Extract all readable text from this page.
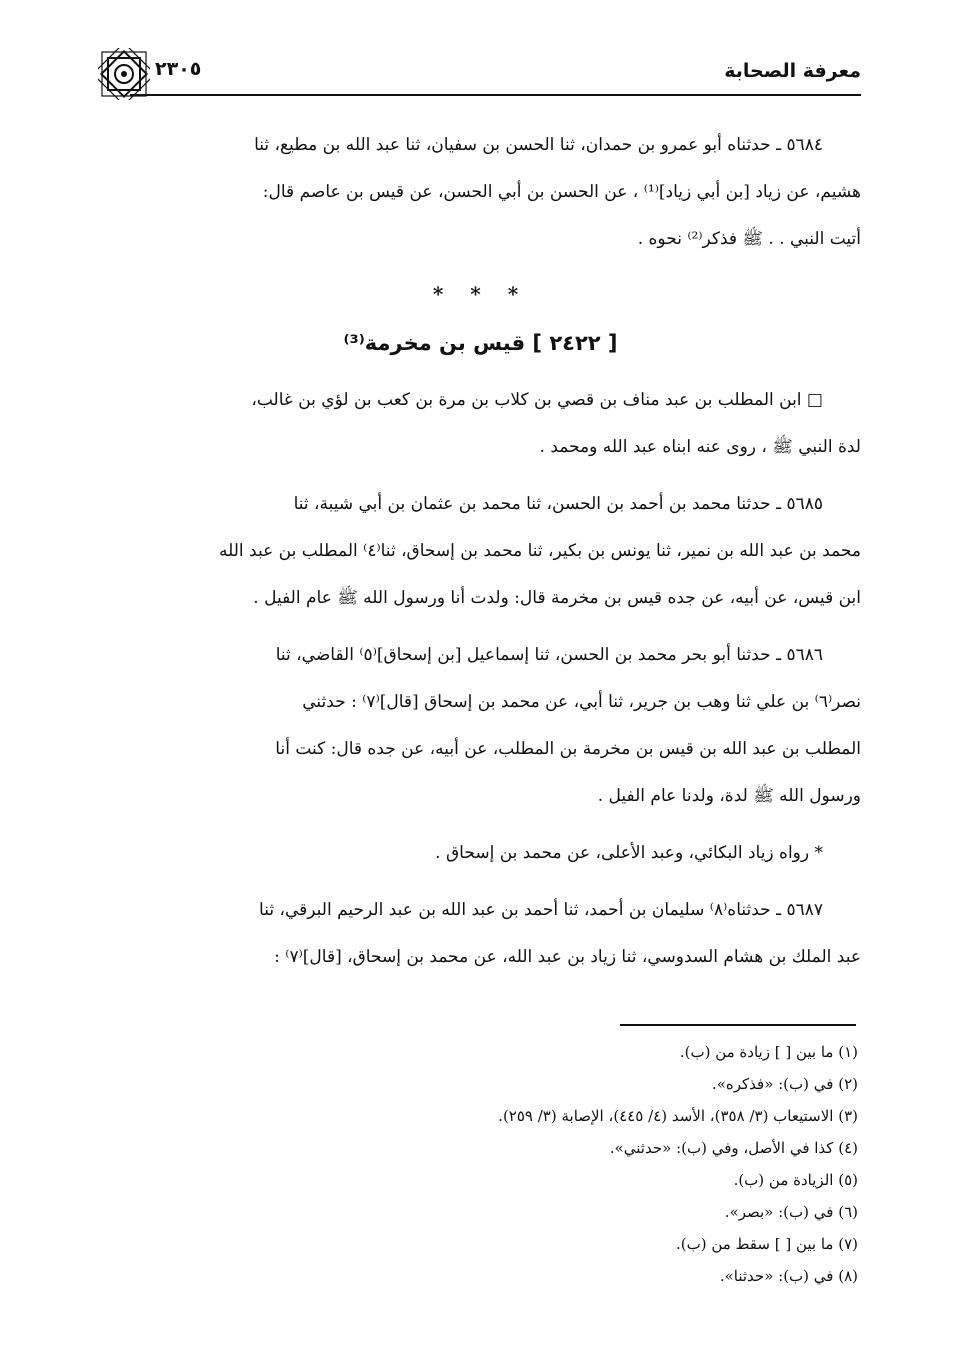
معرفة الصحابة
٢٣٠٥

٥٦٨٤ ـ حدثناه أبو عمرو بن حمدان، ثنا الحسن بن سفيان، ثنا عبد الله بن مطيع، ثنا

هشيم، عن زياد [بن أبي زياد]⁽¹⁾ ، عن الحسن بن أبي الحسن، عن قيس بن عاصم قال:

أتيت النبي . . ﷺ فذكر⁽²⁾ نحوه .

* * *
[ ٢٤٢٢ ] قيس بن مخرمة⁽³⁾

□ ابن المطلب بن عبد مناف بن قصي بن كلاب بن مرة بن كعب بن لؤي بن غالب،

لدة النبي ﷺ ، روى عنه ابناه عبد الله ومحمد .

٥٦٨٥ ـ حدثنا محمد بن أحمد بن الحسن، ثنا محمد بن عثمان بن أبي شيبة، ثنا

محمد بن عبد الله بن نمير، ثنا يونس بن بكير، ثنا محمد بن إسحاق، ثنا⁽٤⁾ المطلب بن عبد الله

ابن قيس، عن أبيه، عن جده قيس بن مخرمة قال: ولدت أنا ورسول الله ﷺ عام الفيل .

٥٦٨٦ ـ حدثنا أبو بحر محمد بن الحسن، ثنا إسماعيل [بن إسحاق]⁽٥⁾ القاضي، ثنا

نصر⁽٦⁾ بن علي ثنا وهب بن جرير، ثنا أبي، عن محمد بن إسحاق [قال]⁽٧⁾ : حدثني

المطلب بن عبد الله بن قيس بن مخرمة بن المطلب، عن أبيه، عن جده قال: كنت أنا

ورسول الله ﷺ لدة، ولدنا عام الفيل .

* رواه زياد البكائي، وعبد الأعلى، عن محمد بن إسحاق .

٥٦٨٧ ـ حدثناه⁽٨⁾ سليمان بن أحمد، ثنا أحمد بن عبد الله بن عبد الرحيم البرقي، ثنا

عبد الملك بن هشام السدوسي، ثنا زياد بن عبد الله، عن محمد بن إسحاق، [قال]⁽٧⁾ :

(١) ما بين [ ] زيادة من (ب).

(٢) في (ب): «فذكره».

(٣) الاستيعاب (٣/ ٣٥٨)، الأسد (٤/ ٤٤٥)، الإصابة (٣/ ٢٥٩).

(٤) كذا في الأصل، وفي (ب): «حدثني».

(٥) الزيادة من (ب).

(٦) في (ب): «بصر».

(٧) ما بين [ ] سقط من (ب).

(٨) في (ب): «حدثنا».
